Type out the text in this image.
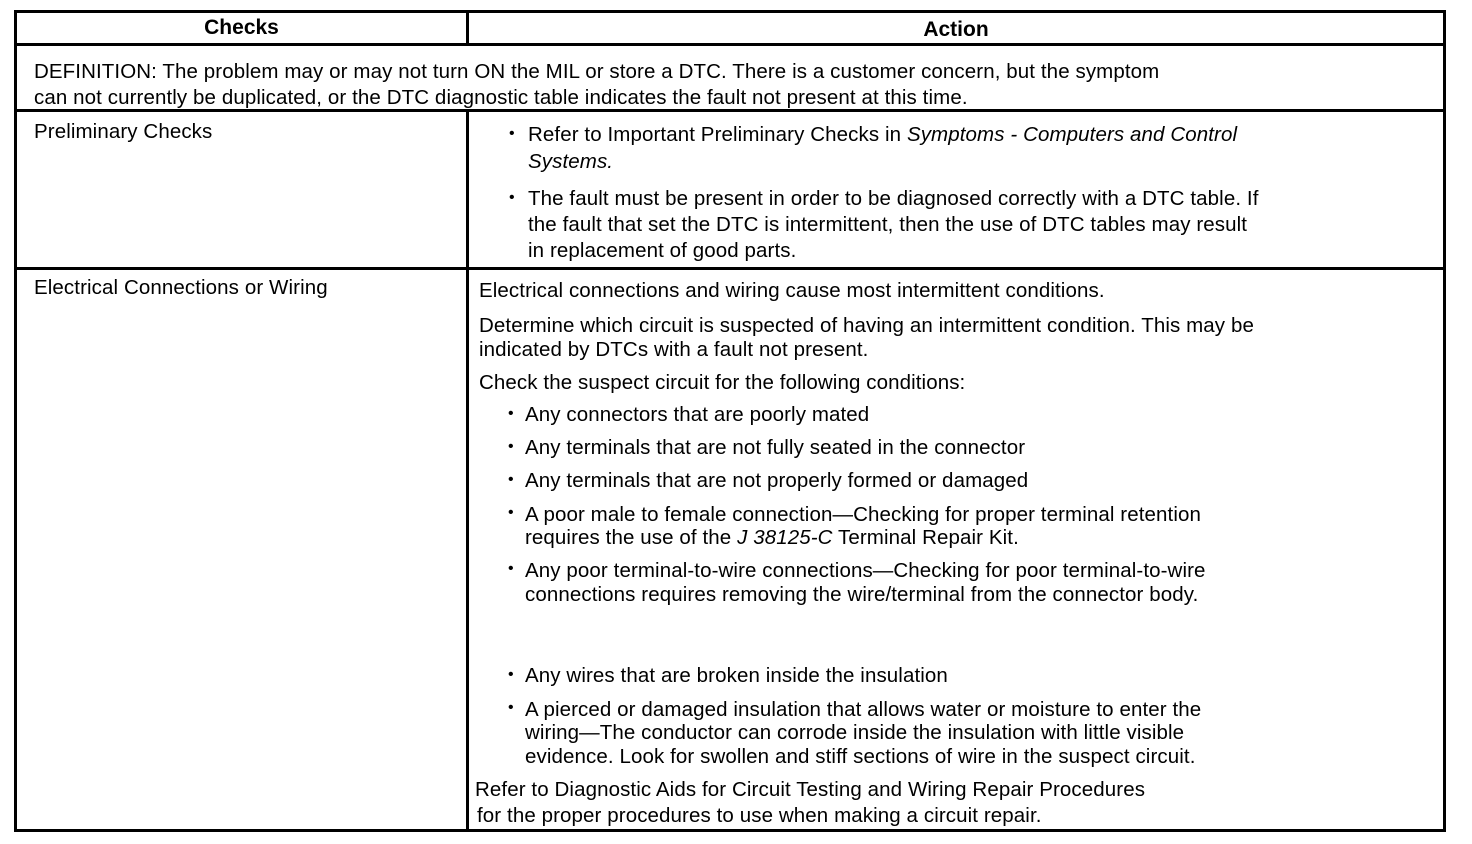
Checks	Action
DEFINITION: The problem may or may not turn ON the MIL or store a DTC. There is a customer concern, but the symptom
can not currently be duplicated, or the DTC diagnostic table indicates the fault not present at this time.
Preliminary Checks	• Refer to Important Preliminary Checks in Symptoms - Computers and Control
Systems.
• The fault must be present in order to be diagnosed correctly with a DTC table. If
the fault that set the DTC is intermittent, then the use of DTC tables may result
in replacement of good parts.
Electrical Connections or Wiring	Electrical connections and wiring cause most intermittent conditions.
Determine which circuit is suspected of having an intermittent condition. This may be
indicated by DTCs with a fault not present.
Check the suspect circuit for the following conditions:
• Any connectors that are poorly mated
• Any terminals that are not fully seated in the connector
• Any terminals that are not properly formed or damaged
• A poor male to female connection—Checking for proper terminal retention
requires the use of the J 38125-C Terminal Repair Kit.
• Any poor terminal-to-wire connections—Checking for poor terminal-to-wire
connections requires removing the wire/terminal from the connector body.
• Any wires that are broken inside the insulation
• A pierced or damaged insulation that allows water or moisture to enter the
wiring—The conductor can corrode inside the insulation with little visible
evidence. Look for swollen and stiff sections of wire in the suspect circuit.
Refer to Diagnostic Aids for Circuit Testing and Wiring Repair Procedures
for the proper procedures to use when making a circuit repair.
